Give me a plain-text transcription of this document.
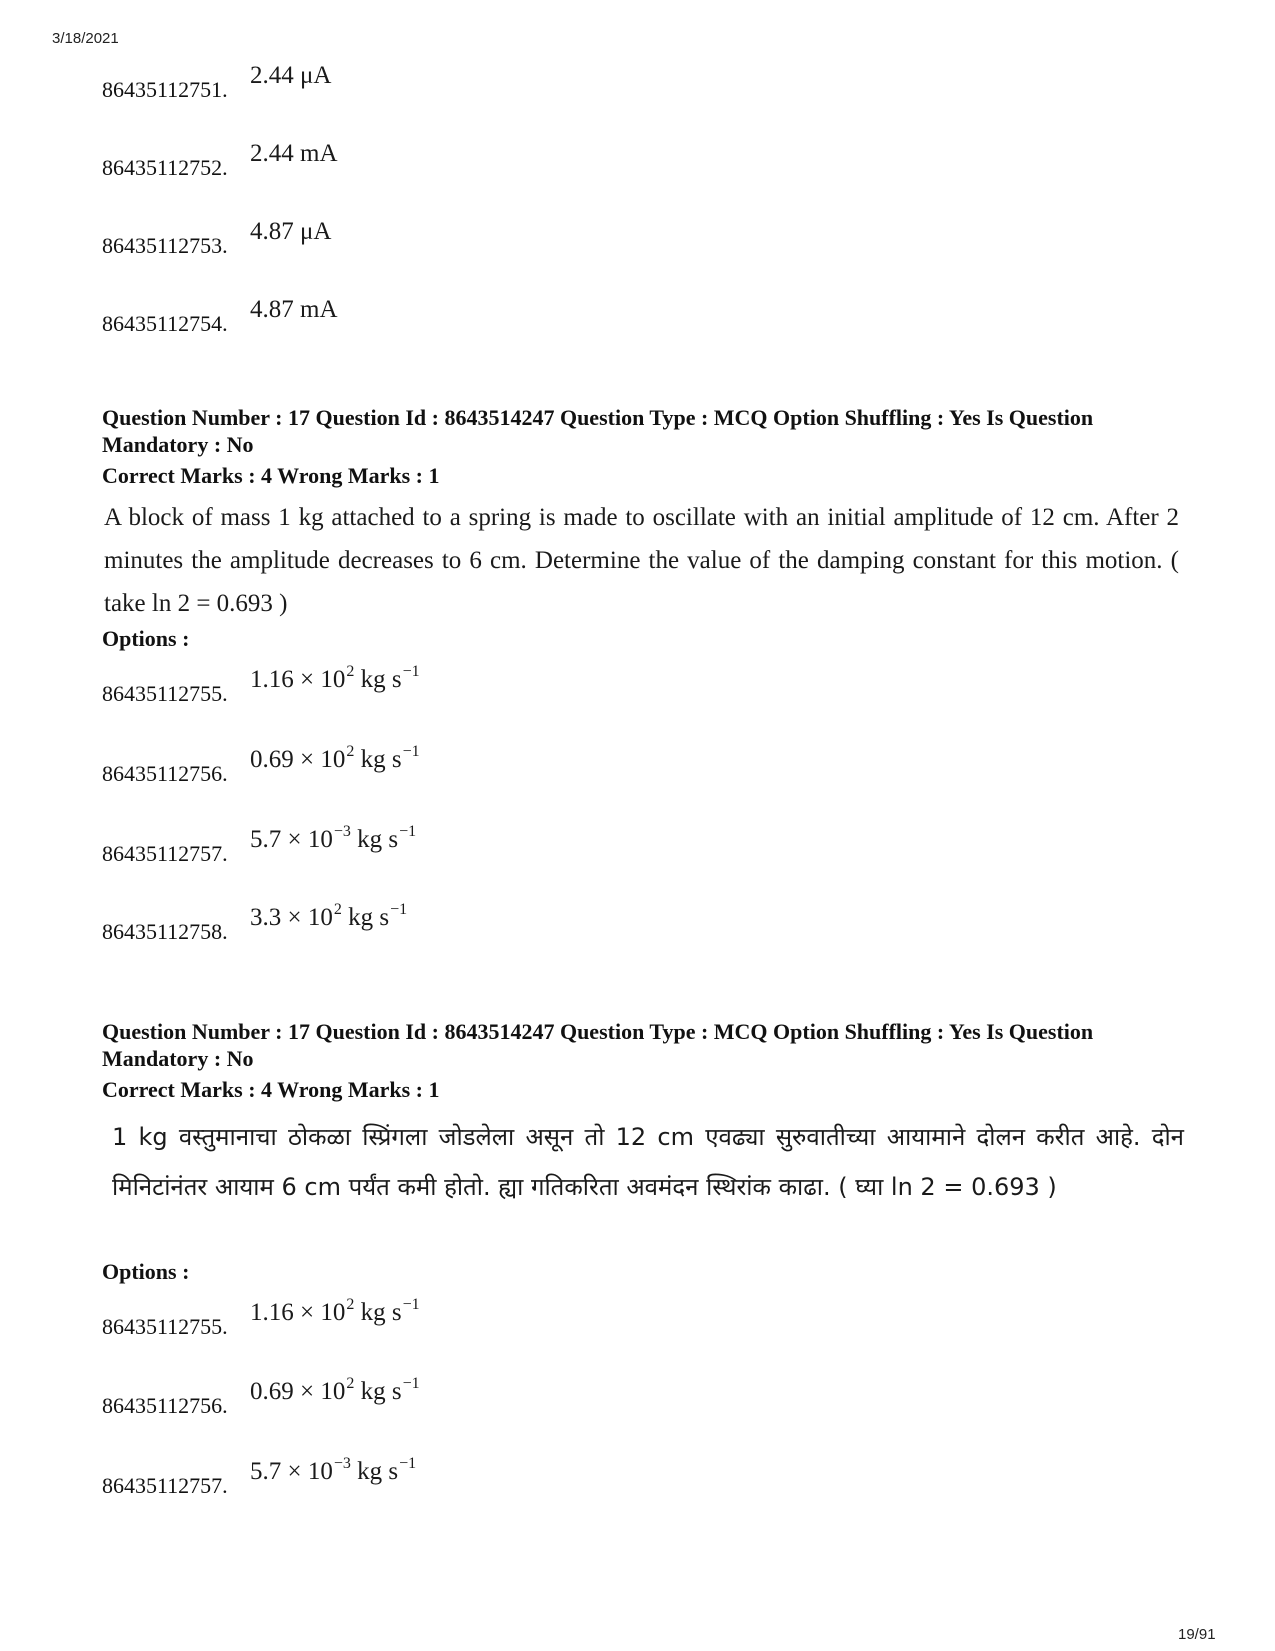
3/18/2021
86435112751.
2.44 μA
86435112752.
2.44 mA
86435112753.
4.87 μA
86435112754.
4.87 mA

Question Number : 17 Question Id : 8643514247 Question Type : MCQ Option Shuffling : Yes Is Question Mandatory : No

Correct Marks : 4 Wrong Marks : 1
A block of mass 1 kg attached to a spring is made to oscillate with an initial amplitude of 12 cm. After 2 minutes the amplitude decreases to 6 cm. Determine the value of the damping constant for this motion. ( take ln 2 = 0.693 )
Options :
86435112755.
$1.16 \times 10^2$ kg $s^{-1}$
86435112756.
$0.69 \times 10^2$ kg $s^{-1}$
86435112757.
$5.7 \times 10^{-3}$ kg $s^{-1}$
86435112758.
$3.3 \times 10^2$ kg $s^{-1}$

Question Number : 17 Question Id : 8643514247 Question Type : MCQ Option Shuffling : Yes Is Question Mandatory : No

Correct Marks : 4 Wrong Marks : 1
1 kg वस्तुमानाचा ठोकळा स्प्रिंगला जोडलेला असून तो 12 cm एवढ्या सुरुवातीच्या आयामाने दोलन करीत आहे. दोन मिनिटांनंतर आयाम 6 cm पर्यंत कमी होतो. ह्या गतिकरिता अवमंदन स्थिरांक काढा. ( घ्या ln 2 = 0.693 )
Options :
86435112755.
$1.16 \times 10^2$ kg $s^{-1}$
86435112756.
$0.69 \times 10^2$ kg $s^{-1}$
86435112757.
$5.7 \times 10^{-3}$ kg $s^{-1}$
19/91
